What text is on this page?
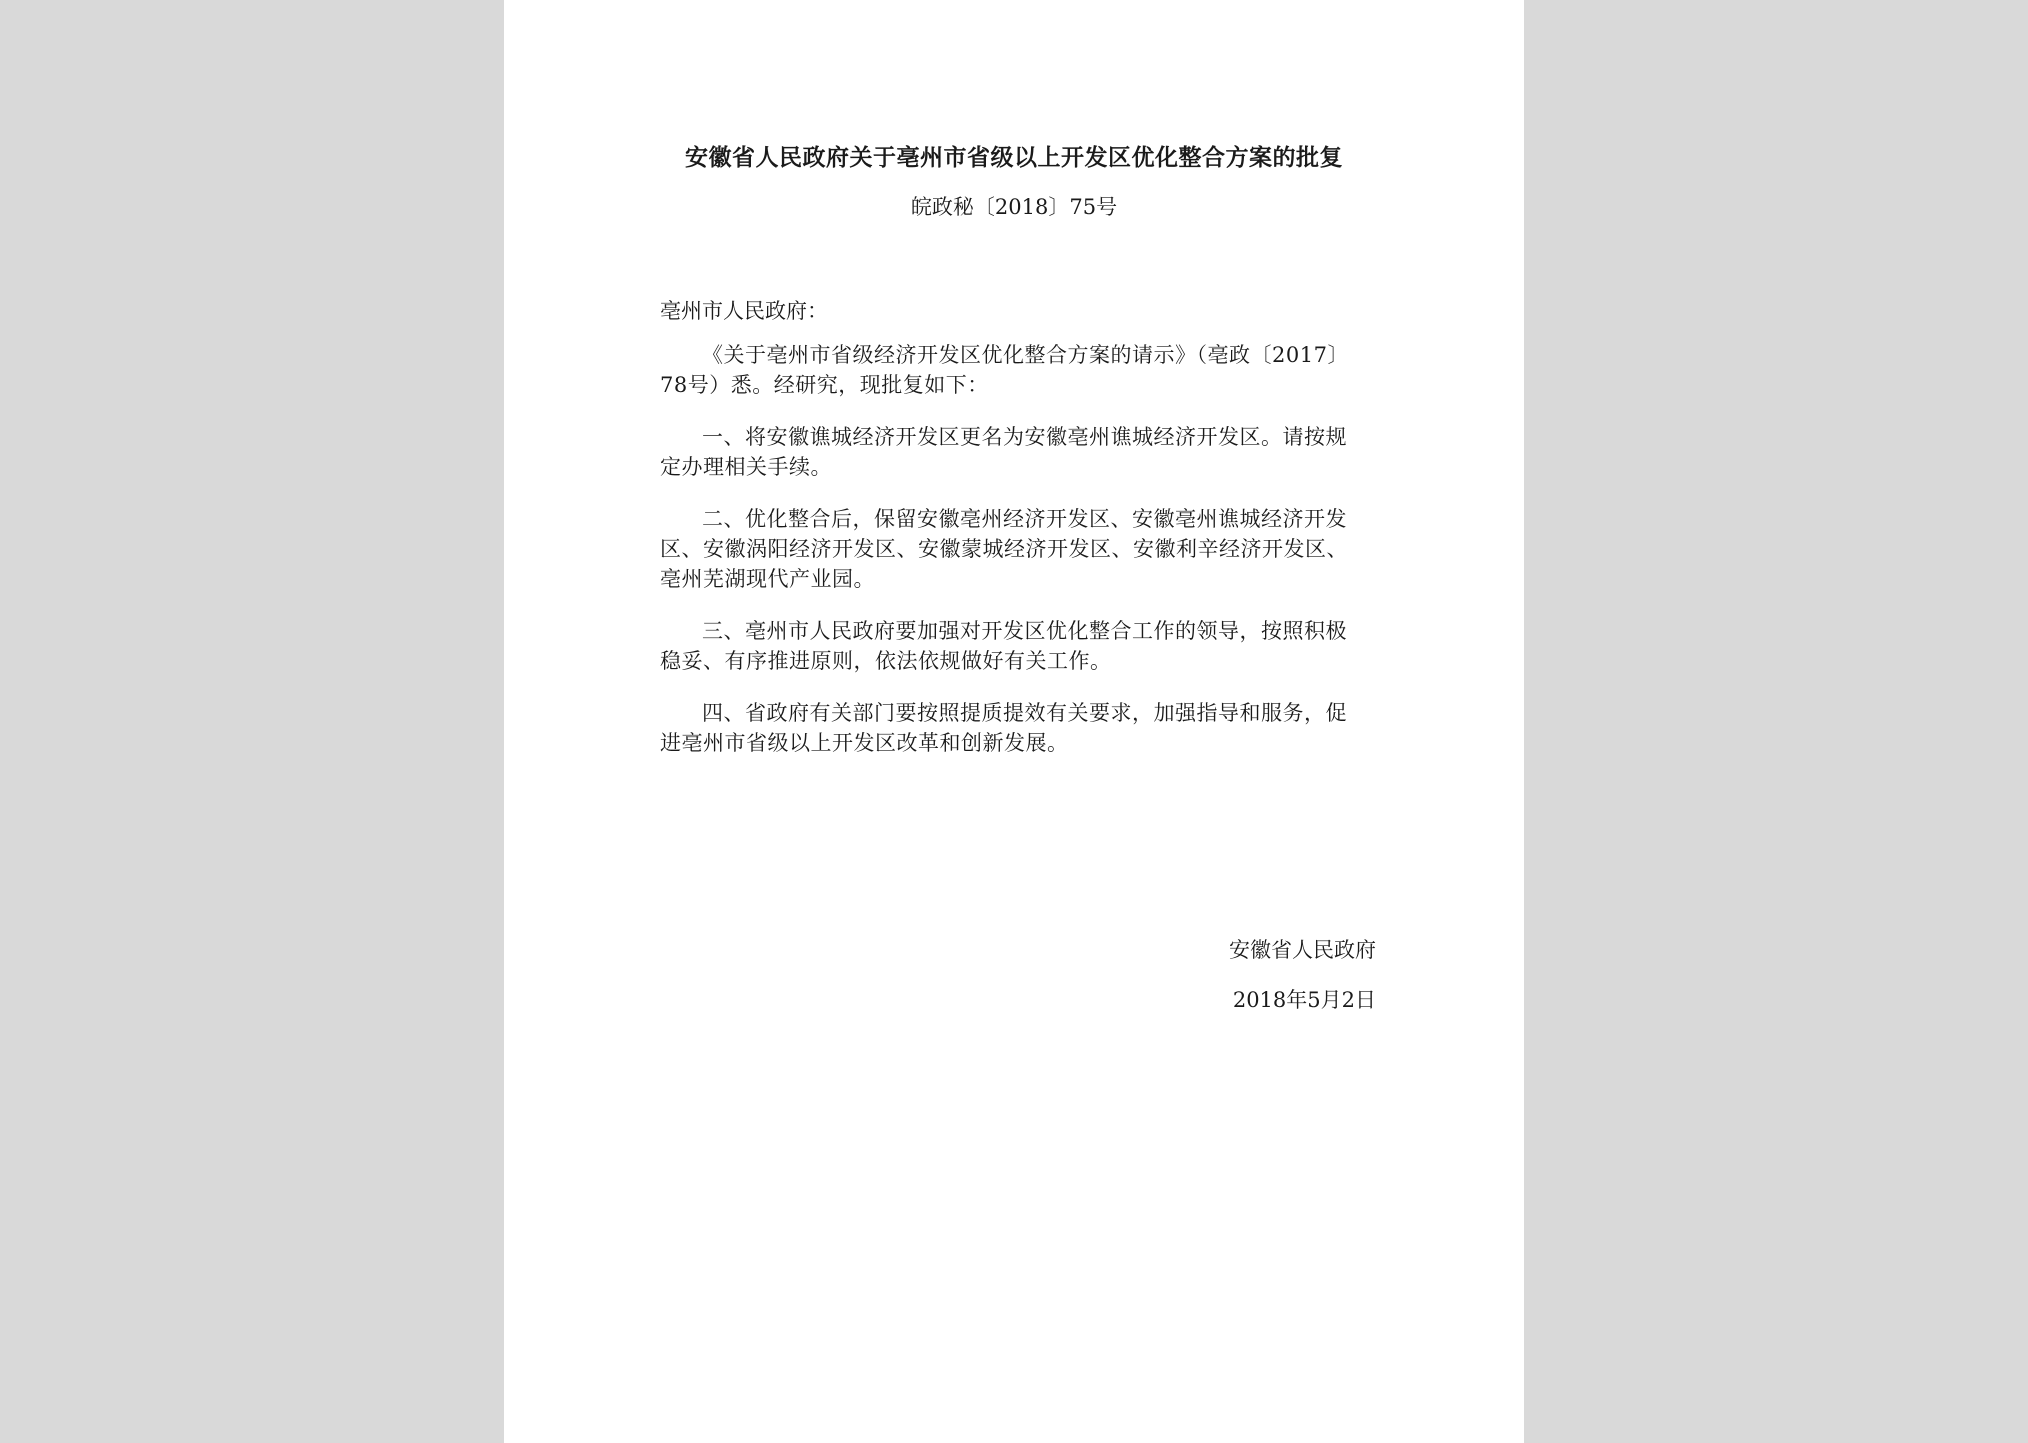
安徽省人民政府关于亳州市省级以上开发区优化整合方案的批复
皖政秘〔2018〕75号

亳州市人民政府：

《关于亳州市省级经济开发区优化整合方案的请示》（亳政〔2017〕78号）悉。经研究，现批复如下：

一、将安徽谯城经济开发区更名为安徽亳州谯城经济开发区。请按规定办理相关手续。

二、优化整合后，保留安徽亳州经济开发区、安徽亳州谯城经济开发区、安徽涡阳经济开发区、安徽蒙城经济开发区、安徽利辛经济开发区、亳州芜湖现代产业园。

三、亳州市人民政府要加强对开发区优化整合工作的领导，按照积极稳妥、有序推进原则，依法依规做好有关工作。

四、省政府有关部门要按照提质提效有关要求，加强指导和服务，促进亳州市省级以上开发区改革和创新发展。

安徽省人民政府
2018年5月2日
